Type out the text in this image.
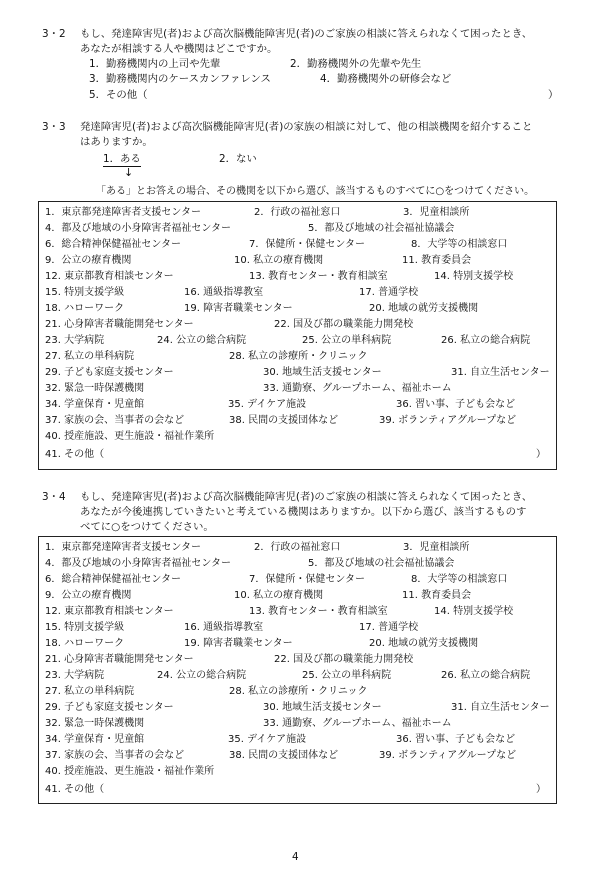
3・2 もし、発達障害児(者)および高次脳機能障害児(者)のご家族の相談に答えられなくて困ったとき、
あなたが相談する人や機関はどこですか。
1．勤務機関内の上司や先輩	2．勤務機関外の先輩や先生
3．勤務機関内のケースカンファレンス	4．勤務機関外の研修会など
5．その他（	）
3・3 発達障害児(者)および高次脳機能障害児(者)の家族の相談に対して、他の相談機関を紹介すること
はありますか。
1．ある	2．ない
↓
「ある」とお答えの場合、その機関を以下から選び、該当するものすべてに○をつけてください。
1．東京都発達障害者支援センター	2．行政の福祉窓口	3．児童相談所
4．都及び地域の小身障害者福祉センター	5．都及び地域の社会福祉協議会
6．総合精神保健福祉センター	7．保健所・保健センター	8．大学等の相談窓口
9．公立の療育機関	10. 私立の療育機関	11. 教育委員会
12. 東京都教育相談センター	13. 教育センター・教育相談室	14. 特別支援学校
15. 特別支援学級	16. 通級指導教室	17. 普通学校
18. ハローワーク	19. 障害者職業センター	20. 地域の就労支援機関
21. 心身障害者職能開発センター	22. 国及び都の職業能力開発校
23. 大学病院	24. 公立の総合病院	25. 公立の単科病院	26. 私立の総合病院
27. 私立の単科病院	28. 私立の診療所・クリニック
29. 子ども家庭支援センター	30. 地域生活支援センター	31. 自立生活センター
32. 緊急一時保護機関	33. 通勤寮、グループホーム、福祉ホーム
34. 学童保育・児童館	35. デイケア施設	36. 習い事、子ども会など
37. 家族の会、当事者の会など	38. 民間の支援団体など	39. ボランティアグループなど
40. 授産施設、更生施設・福祉作業所
41. その他（	）
3・4 もし、発達障害児(者)および高次脳機能障害児(者)のご家族の相談に答えられなくて困ったとき、
あなたが今後連携していきたいと考えている機関はありますか。以下から選び、該当するものす
べてに○をつけてください。
1．東京都発達障害者支援センター	2．行政の福祉窓口	3．児童相談所
4．都及び地域の小身障害者福祉センター	5．都及び地域の社会福祉協議会
6．総合精神保健福祉センター	7．保健所・保健センター	8．大学等の相談窓口
9．公立の療育機関	10. 私立の療育機関	11. 教育委員会
12. 東京都教育相談センター	13. 教育センター・教育相談室	14. 特別支援学校
15. 特別支援学級	16. 通級指導教室	17. 普通学校
18. ハローワーク	19. 障害者職業センター	20. 地域の就労支援機関
21. 心身障害者職能開発センター	22. 国及び都の職業能力開発校
23. 大学病院	24. 公立の総合病院	25. 公立の単科病院	26. 私立の総合病院
27. 私立の単科病院	28. 私立の診療所・クリニック
29. 子ども家庭支援センター	30. 地域生活支援センター	31. 自立生活センター
32. 緊急一時保護機関	33. 通勤寮、グループホーム、福祉ホーム
34. 学童保育・児童館	35. デイケア施設	36. 習い事、子ども会など
37. 家族の会、当事者の会など	38. 民間の支援団体など	39. ボランティアグループなど
40. 授産施設、更生施設・福祉作業所
41. その他（	）
4
